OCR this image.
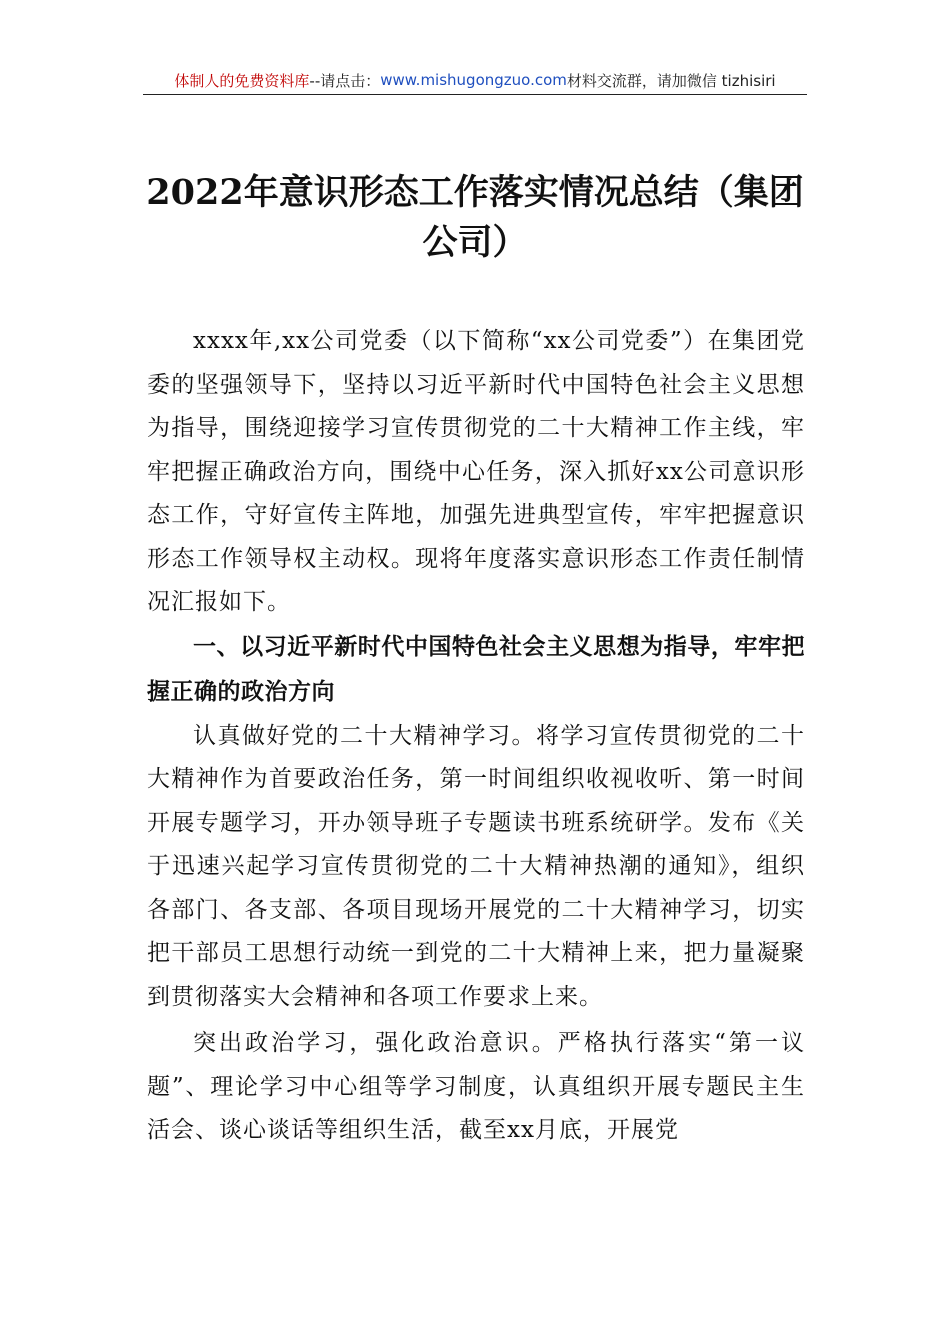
体制人的免费资料库 --请点击： www.mishugongzuo.com 材料交流群，请加微信 tizhisiri
2022年意识形态工作落实情况总结（集团公司）

xxxx年,xx公司党委（以下简称“xx公司党委”）在集团党委的坚强领导下，坚持以习近平新时代中国特色社会主义思想为指导，围绕迎接学习宣传贯彻党的二十大精神工作主线，牢牢把握正确政治方向，围绕中心任务，深入抓好xx公司意识形态工作，守好宣传主阵地，加强先进典型宣传，牢牢把握意识形态工作领导权主动权。现将年度落实意识形态工作责任制情况汇报如下。

一、以习近平新时代中国特色社会主义思想为指导，牢牢把握正确的政治方向

认真做好党的二十大精神学习。将学习宣传贯彻党的二十大精神作为首要政治任务，第一时间组织收视收听、第一时间开展专题学习，开办领导班子专题读书班系统研学。发布《关于迅速兴起学习宣传贯彻党的二十大精神热潮的通知》，组织各部门、各支部、各项目现场开展党的二十大精神学习，切实把干部员工思想行动统一到党的二十大精神上来，把力量凝聚到贯彻落实大会精神和各项工作要求上来。

突出政治学习，强化政治意识。严格执行落实“第一议题”、理论学习中心组等学习制度，认真组织开展专题民主生活会、谈心谈话等组织生活，截至xx月底，开展党
